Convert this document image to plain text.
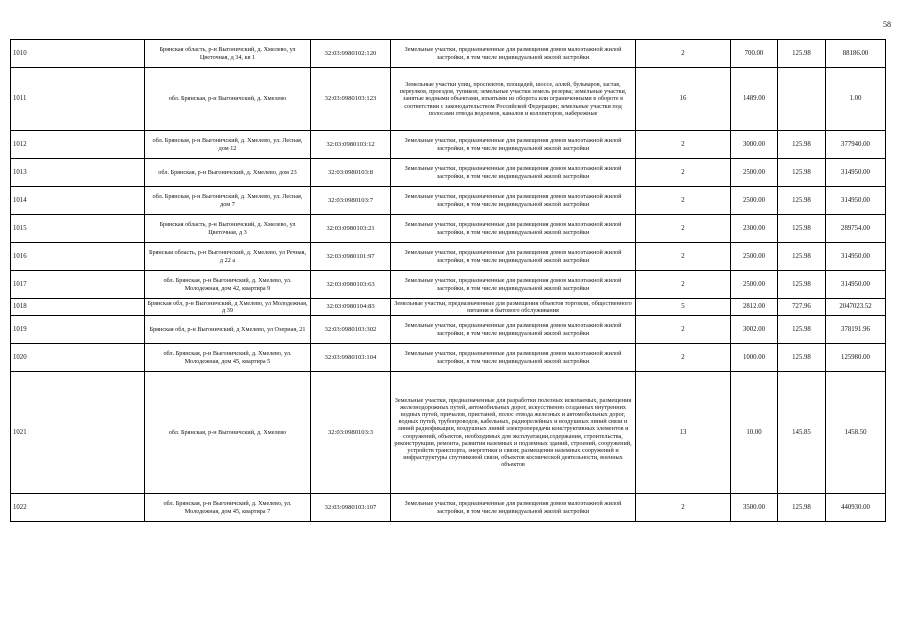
58
1010	Брянская область, р-н Выгоничский, д. Хмелево, ул Цветочная, д 34, кв 1	32:03:0980102:120	Земельные участки, предназначенные для размещения домов малоэтажной жилой застройки, в том числе индивидуальной жилой застройки	2	700.00	125.98	88186.00
1011	обл. Брянская, р-н Выгоничский, д. Хмелево	32:03:0980103:123	Земельные участки улиц, проспектов, площадей, шоссе, аллей, бульваров, застав, переулков, проездов, тупиков; земельные участки земель резерва; земельные участки, занятые водными объектами, изъятыми из оборота или ограниченными в обороте в соответствии с законодательством Российской Федерации; земельные участки под полосами отвода водоемов, каналов и коллекторов, набережные	16	1489.00		1.00
1012	обл. Брянская, р-н Выгоничский, д. Хмелево, ул. Лесная, дом 12	32:03:0980103:12	Земельные участки, предназначенные для размещения домов малоэтажной жилой застройки, в том числе индивидуальной жилой застройки	2	3000.00	125.98	377940.00
1013	обл. Брянская, р-н Выгоничский, д. Хмелево, дом 23	32:03:0980103:8	Земельные участки, предназначенные для размещения домов малоэтажной жилой застройки, в том числе индивидуальной жилой застройки	2	2500.00	125.98	314950.00
1014	обл. Брянская, р-н Выгоничский, д. Хмелево, ул. Лесная, дом 7	32:03:0980103:7	Земельные участки, предназначенные для размещения домов малоэтажной жилой застройки, в том числе индивидуальной жилой застройки	2	2500.00	125.98	314950.00
1015	Брянская область, р-н Выгоничский, д. Хмелево, ул Цветочная, д 3	32:03:0980103:21	Земельные участки, предназначенные для размещения домов малоэтажной жилой застройки, в том числе индивидуальной жилой застройки	2	2300.00	125.98	289754.00
1016	Брянская область, р-н Выгоничский, д. Хмелево, ул Речная, д 22 а	32:03:0980101:97	Земельные участки, предназначенные для размещения домов малоэтажной жилой застройки, в том числе индивидуальной жилой застройки	2	2500.00	125.98	314950.00
1017	обл. Брянская, р-н Выгоничский, д. Хмелево, ул. Молодежная, дом 42, квартира 9	32:03:0980103:63	Земельные участки, предназначенные для размещения домов малоэтажной жилой застройки, в том числе индивидуальной жилой застройки	2	2500.00	125.98	314950.00
1018	Брянская обл, р-н Выгоничский, д Хмелево, ул Молодежная, д 39	32:03:0980104:83	Земельные участки, предназначенные для размещения объектов торговли, общественного питания и бытового обслуживания	5	2812.00	727.96	2047023.52
1019	Брянская обл, р-н Выгоничский, д Хмелево, ул Озерная, 21	32:03:0980103:302	Земельные участки, предназначенные для размещения домов малоэтажной жилой застройки, в том числе индивидуальной жилой застройки	2	3002.00	125.98	378191.96
1020	обл. Брянская, р-н Выгоничский, д. Хмелево, ул. Молодежная, дом 45, квартира 5	32:03:0980103:104	Земельные участки, предназначенные для размещения домов малоэтажной жилой застройки, в том числе индивидуальной жилой застройки	2	1000.00	125.98	125980.00
1021	обл. Брянская, р-н Выгоничский, д. Хмелево	32:03:0980103:3	Земельные участки, предназначенные для разработки полезных ископаемых, размещения железнодорожных путей, автомобильных дорог, искусственно созданных внутренних водных путей, причалов, пристаней, полос отвода железных и автомобильных дорог, водных путей, трубопроводов, кабельных, радиорелейных и воздушных линий связи и линий радиофикации, воздушных линий электропередачи конструктивных элементов и сооружений, объектов, необходимых для эксплуатации,содержания, строительства, реконструкции, ремонта, развития наземных и подземных зданий, строений, сооружений, устройств транспорта, энергетики и связи; размещения наземных сооружений и инфраструктуры спутниковой связи, объектов космической деятельности, военных объектов	13	10.00	145.85	1458.50
1022	обл. Брянская, р-н Выгоничский, д. Хмелево, ул. Молодежная, дом 45, квартира 7	32:03:0980103:107	Земельные участки, предназначенные для размещения домов малоэтажной жилой застройки, в том числе индивидуальной жилой застройки	2	3500.00	125.98	440930.00
